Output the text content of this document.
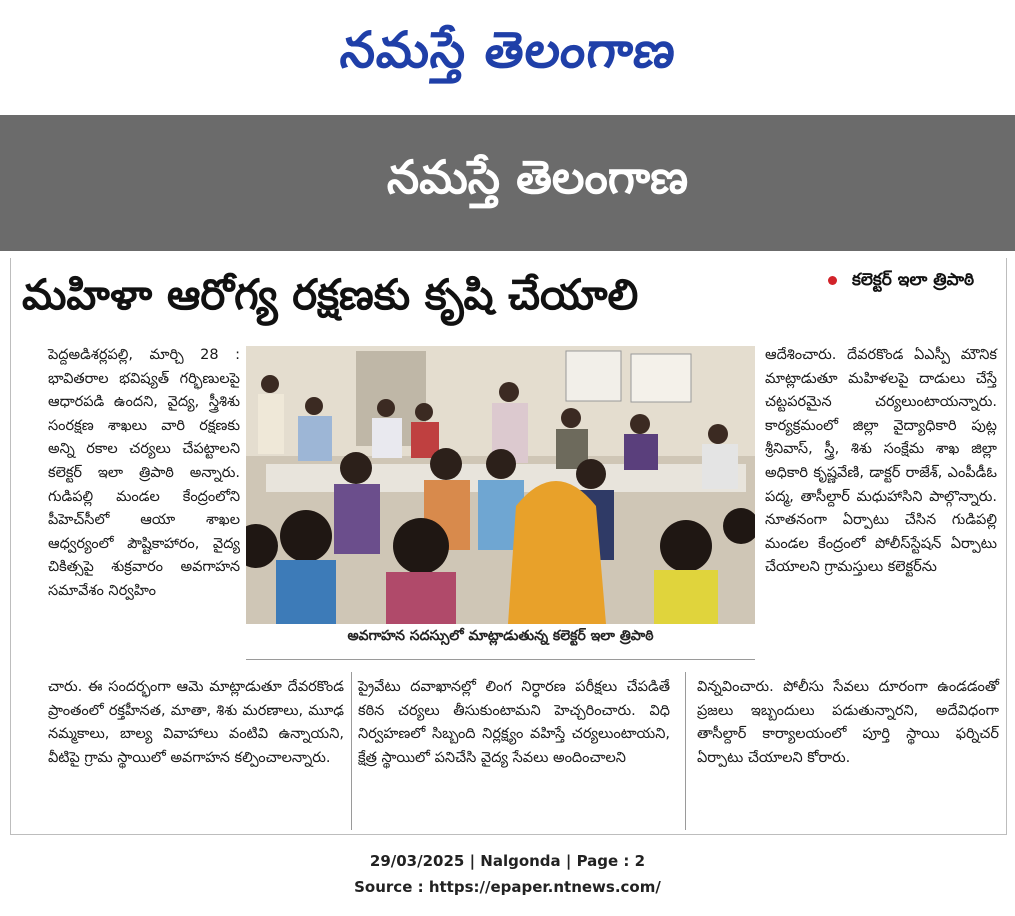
నమస్తే తెలంగాణ
నమస్తే తెలంగాణ
మహిళా ఆరోగ్య రక్షణకు కృషి చేయాలి	కలెక్టర్ ఇలా త్రిపాఠి

పెద్దఅడిశర్లపల్లి, మార్చి 28 : భావితరాల భవిష్యత్ గర్భిణులపై ఆధారపడి ఉందని, వైద్య, స్త్రీశిశు సంరక్షణ శాఖలు వారి రక్షణకు అన్ని రకాల చర్యలు చేపట్టాలని కలెక్టర్ ఇలా త్రిపాఠి అన్నారు. గుడిపల్లి మండల కేంద్రంలోని పీహెచ్‌సీలో ఆయా శాఖల ఆధ్వర్యంలో పౌష్టికాహారం, వైద్య చికిత్సపై శుక్రవారం అవగాహన సమావేశం నిర్వహిం

అవగాహన సదస్సులో మాట్లాడుతున్న కలెక్టర్ ఇలా త్రిపాఠి

ఆదేశించారు. దేవరకొండ ఏఎస్పీ మౌనిక మాట్లాడుతూ మహిళలపై దాడులు చేస్తే చట్టపరమైన చర్యలుంటాయన్నారు. కార్యక్రమంలో జిల్లా వైద్యాధికారి పుట్ల శ్రీనివాస్, స్త్రీ, శిశు సంక్షేమ శాఖ జిల్లా అధికారి కృష్ణవేణి, డాక్టర్ రాజేశ్, ఎంపీడీఓ పద్మ, తాసీల్దార్ మధుహాసిని పాల్గొన్నారు. నూతనంగా ఏర్పాటు చేసిన గుడిపల్లి మండల కేంద్రంలో పోలీస్‌స్టేషన్ ఏర్పాటు చేయాలని గ్రామస్తులు కలెక్టర్‌ను

చారు. ఈ సందర్భంగా ఆమె మాట్లాడుతూ దేవరకొండ ప్రాంతంలో రక్తహీనత, మాతా, శిశు మరణాలు, మూఢ నమ్మకాలు, బాల్య వివాహాలు వంటివి ఉన్నాయని, వీటిపై గ్రామ స్థాయిలో అవగాహన కల్పించాలన్నారు.

ప్రైవేటు దవాఖానల్లో లింగ నిర్ధారణ పరీక్షలు చేపడితే కఠిన చర్యలు తీసుకుంటామని హెచ్చరించారు. విధి నిర్వహణలో సిబ్బంది నిర్లక్ష్యం వహిస్తే చర్యలుంటాయని, క్షేత్ర స్థాయిలో పనిచేసి వైద్య సేవలు అందించాలని

విన్నవించారు. పోలీసు సేవలు దూరంగా ఉండడంతో ప్రజలు ఇబ్బందులు పడుతున్నారని, అదేవిధంగా తాసీల్దార్ కార్యాలయంలో పూర్తి స్థాయి ఫర్నిచర్ ఏర్పాటు చేయాలని కోరారు.

29/03/2025 | Nalgonda | Page : 2
Source : https://epaper.ntnews.com/
